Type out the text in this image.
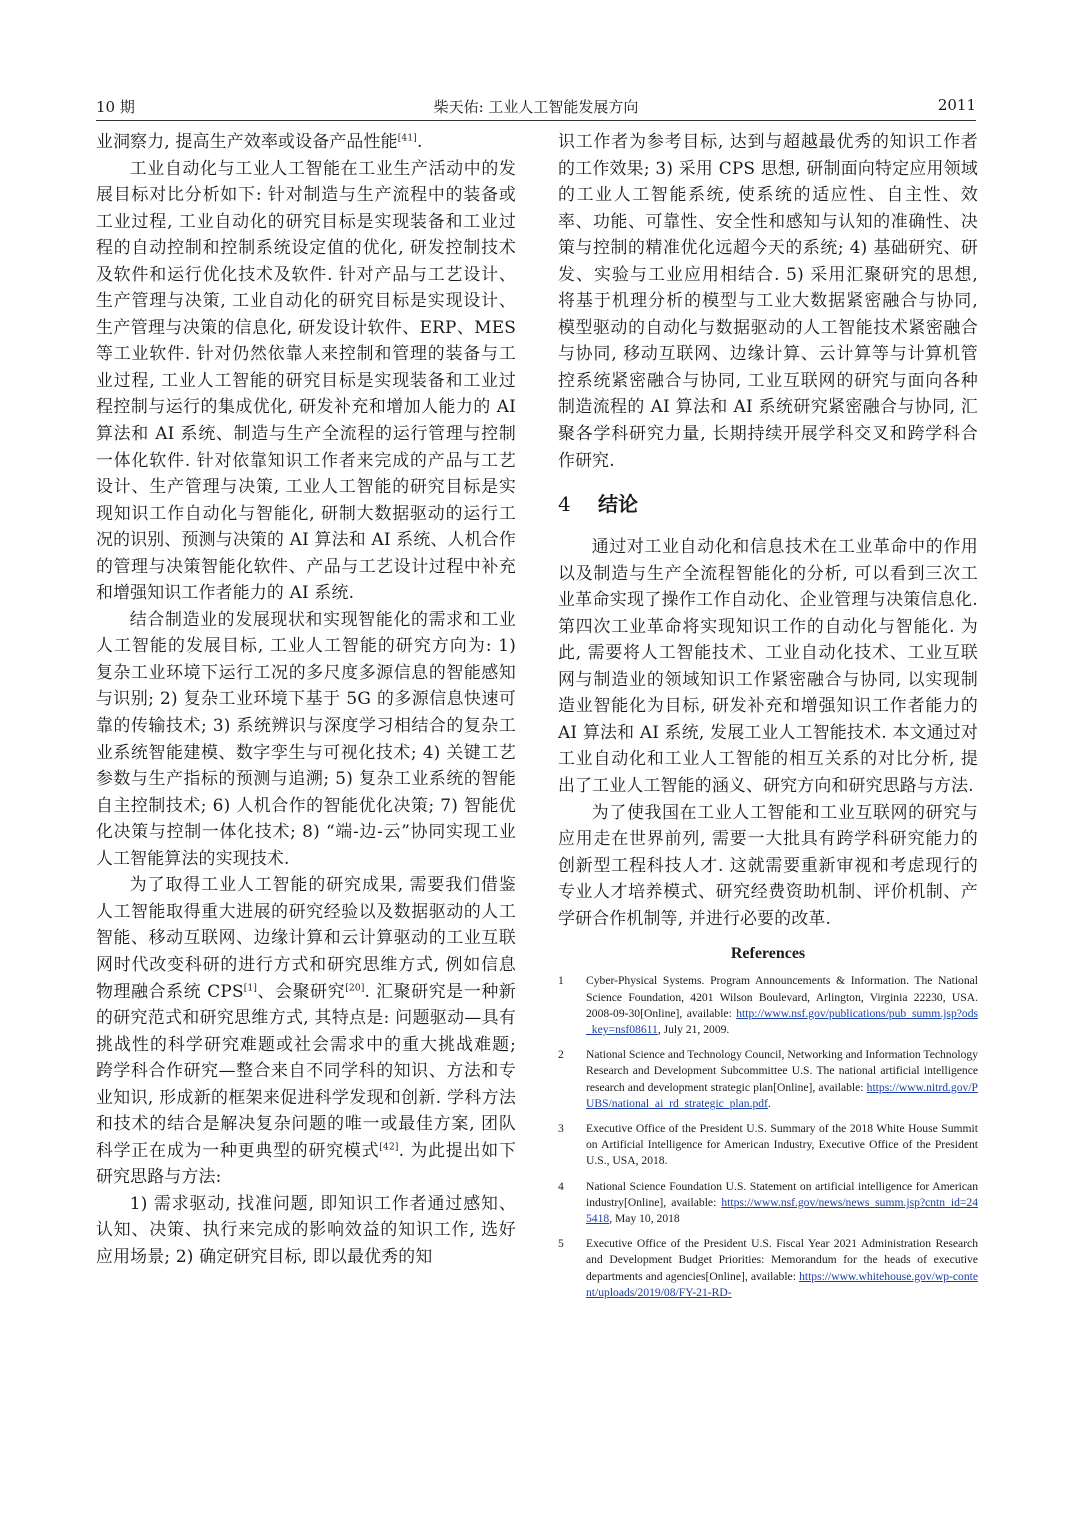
10 期	柴天佑: 工业人工智能发展方向	2011

业洞察力, 提高生产效率或设备产品性能[41].

工业自动化与工业人工智能在工业生产活动中的发展目标对比分析如下: 针对制造与生产流程中的装备或工业过程, 工业自动化的研究目标是实现装备和工业过程的自动控制和控制系统设定值的优化, 研发控制技术及软件和运行优化技术及软件. 针对产品与工艺设计、生产管理与决策, 工业自动化的研究目标是实现设计、生产管理与决策的信息化, 研发设计软件、ERP、MES 等工业软件. 针对仍然依靠人来控制和管理的装备与工业过程, 工业人工智能的研究目标是实现装备和工业过程控制与运行的集成优化, 研发补充和增加人能力的 AI 算法和 AI 系统、制造与生产全流程的运行管理与控制一体化软件. 针对依靠知识工作者来完成的产品与工艺设计、生产管理与决策, 工业人工智能的研究目标是实现知识工作自动化与智能化, 研制大数据驱动的运行工况的识别、预测与决策的 AI 算法和 AI 系统、人机合作的管理与决策智能化软件、产品与工艺设计过程中补充和增强知识工作者能力的 AI 系统.

结合制造业的发展现状和实现智能化的需求和工业人工智能的发展目标, 工业人工智能的研究方向为: 1) 复杂工业环境下运行工况的多尺度多源信息的智能感知与识别; 2) 复杂工业环境下基于 5G 的多源信息快速可靠的传输技术; 3) 系统辨识与深度学习相结合的复杂工业系统智能建模、数字孪生与可视化技术; 4) 关键工艺参数与生产指标的预测与追溯; 5) 复杂工业系统的智能自主控制技术; 6) 人机合作的智能优化决策; 7) 智能优化决策与控制一体化技术; 8) “端-边-云”协同实现工业人工智能算法的实现技术.

为了取得工业人工智能的研究成果, 需要我们借鉴人工智能取得重大进展的研究经验以及数据驱动的人工智能、移动互联网、边缘计算和云计算驱动的工业互联网时代改变科研的进行方式和研究思维方式, 例如信息物理融合系统 CPS[1]、会聚研究[20]. 汇聚研究是一种新的研究范式和研究思维方式, 其特点是: 问题驱动—具有挑战性的科学研究难题或社会需求中的重大挑战难题; 跨学科合作研究—整合来自不同学科的知识、方法和专业知识, 形成新的框架来促进科学发现和创新. 学科方法和技术的结合是解决复杂问题的唯一或最佳方案, 团队科学正在成为一种更典型的研究模式[42]. 为此提出如下研究思路与方法:

1) 需求驱动, 找准问题, 即知识工作者通过感知、认知、决策、执行来完成的影响效益的知识工作, 选好应用场景; 2) 确定研究目标, 即以最优秀的知

识工作者为参考目标, 达到与超越最优秀的知识工作者的工作效果; 3) 采用 CPS 思想, 研制面向特定应用领域的工业人工智能系统, 使系统的适应性、自主性、效率、功能、可靠性、安全性和感知与认知的准确性、决策与控制的精准优化远超今天的系统; 4) 基础研究、研发、实验与工业应用相结合. 5) 采用汇聚研究的思想, 将基于机理分析的模型与工业大数据紧密融合与协同, 模型驱动的自动化与数据驱动的人工智能技术紧密融合与协同, 移动互联网、边缘计算、云计算等与计算机管控系统紧密融合与协同, 工业互联网的研究与面向各种制造流程的 AI 算法和 AI 系统研究紧密融合与协同, 汇聚各学科研究力量, 长期持续开展学科交叉和跨学科合作研究.

4 结论

通过对工业自动化和信息技术在工业革命中的作用以及制造与生产全流程智能化的分析, 可以看到三次工业革命实现了操作工作自动化、企业管理与决策信息化. 第四次工业革命将实现知识工作的自动化与智能化. 为此, 需要将人工智能技术、工业自动化技术、工业互联网与制造业的领域知识工作紧密融合与协同, 以实现制造业智能化为目标, 研发补充和增强知识工作者能力的 AI 算法和 AI 系统, 发展工业人工智能技术. 本文通过对工业自动化和工业人工智能的相互关系的对比分析, 提出了工业人工智能的涵义、研究方向和研究思路与方法.

为了使我国在工业人工智能和工业互联网的研究与应用走在世界前列, 需要一大批具有跨学科研究能力的创新型工程科技人才. 这就需要重新审视和考虑现行的专业人才培养模式、研究经费资助机制、评价机制、产学研合作机制等, 并进行必要的改革.

References
1 Cyber-Physical Systems. Program Announcements & Information. The National Science Foundation, 4201 Wilson Boulevard, Arlington, Virginia 22230, USA. 2008-09-30[Online], available: http://www.nsf.gov/publications/pub_summ.jsp?ods_key=nsf08611, July 21, 2009.
2 National Science and Technology Council, Networking and Information Technology Research and Development Subcommittee U.S. The national artificial intelligence research and development strategic plan[Online], available: https://www.nitrd.gov/PUBS/national_ai_rd_strategic_plan.pdf.
3 Executive Office of the President U.S. Summary of the 2018 White House Summit on Artificial Intelligence for American Industry, Executive Office of the President U.S., USA, 2018.
4 National Science Foundation U.S. Statement on artificial intelligence for American industry[Online], available: https://www.nsf.gov/news/news_summ.jsp?cntn_id=245418, May 10, 2018
5 Executive Office of the President U.S. Fiscal Year 2021 Administration Research and Development Budget Priorities: Memorandum for the heads of executive departments and agencies[Online], available: https://www.whitehouse.gov/wp-content/uploads/2019/08/FY-21-RD-
